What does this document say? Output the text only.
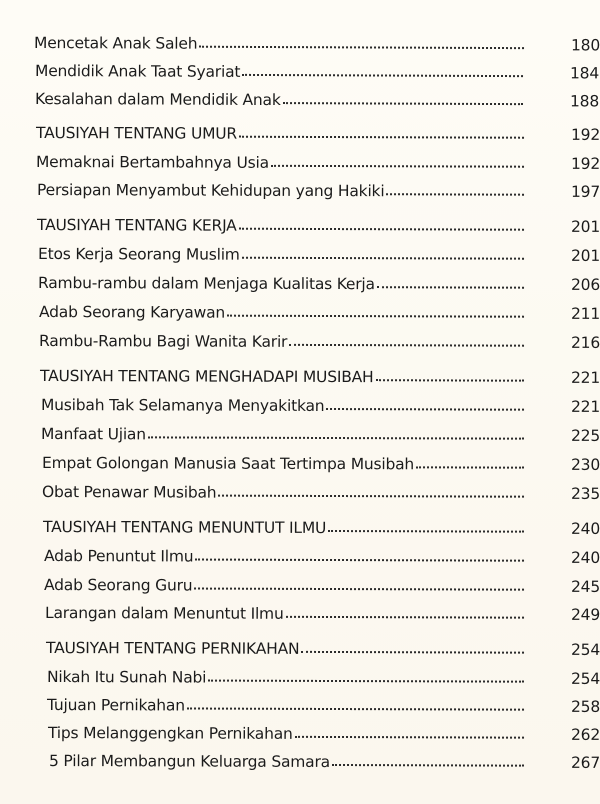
Mencetak Anak Saleh	180
Mendidik Anak Taat Syariat	184
Kesalahan dalam Mendidik Anak	188
TAUSIYAH TENTANG UMUR	192
Memaknai Bertambahnya Usia	192
Persiapan Menyambut Kehidupan yang Hakiki	197
TAUSIYAH TENTANG KERJA	201
Etos Kerja Seorang Muslim	201
Rambu-rambu dalam Menjaga Kualitas Kerja	206
Adab Seorang Karyawan	211
Rambu-Rambu Bagi Wanita Karir	216
TAUSIYAH TENTANG MENGHADAPI MUSIBAH	221
Musibah Tak Selamanya Menyakitkan	221
Manfaat Ujian	225
Empat Golongan Manusia Saat Tertimpa Musibah	230
Obat Penawar Musibah	235
TAUSIYAH TENTANG MENUNTUT ILMU	240
Adab Penuntut Ilmu	240
Adab Seorang Guru	245
Larangan dalam Menuntut Ilmu	249
TAUSIYAH TENTANG PERNIKAHAN	254
Nikah Itu Sunah Nabi	254
Tujuan Pernikahan	258
Tips Melanggengkan Pernikahan	262
5 Pilar Membangun Keluarga Samara	267
